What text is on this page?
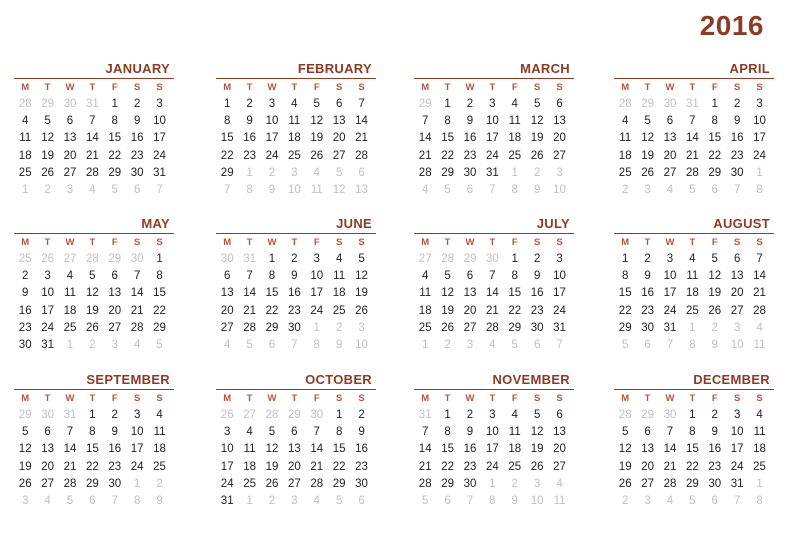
2016
JANUARY
M	T	W	T	F	S	S
28 29 30 31	1	2	3
4	5	6	7	8	9	10
11 12 13 14 15 16 17
18 19 20 21 22 23 24
25 26 27 28 29 30 31
1	2	3	4	5	6	7
FEBRUARY
M	T	W	T	F	S	S
1	2	3	4	5	6	7
8	9	10 11 12 13 14
15 16 17 18 19 20 21
22 23 24 25 26 27 28
29	1	2	3	4	5	6
7	8	9	10 11 12 13
MARCH
M	T	W	T	F	S	S
29	1	2	3	4	5	6
7	8	9	10 11 12 13
14 15 16 17 18 19 20
21 22 23 24 25 26 27
28 29 30 31	1	2	3
4	5	6	7	8	9	10
APRIL
M	T	W	T	F	S	S
28 29 30 31	1	2	3
4	5	6	7	8	9	10
11 12 13 14 15 16 17
18 19 20 21 22 23 24
25 26 27 28 29 30	1
2	3	4	5	6	7	8
MAY
M	T	W	T	F	S	S
25 26 27 28 29 30	1
2	3	4	5	6	7	8
9	10 11 12 13 14 15
16 17 18 19 20 21 22
23 24 25 26 27 28 29
30 31	1	2	3	4	5
JUNE
M	T	W	T	F	S	S
30 31	1	2	3	4	5
6	7	8	9	10 11 12
13 14 15 16 17 18 19
20 21 22 23 24 25 26
27 28 29 30	1	2	3
4	5	6	7	8	9	10
JULY
M	T	W	T	F	S	S
27 28 29 30	1	2	3
4	5	6	7	8	9	10
11 12 13 14 15 16 17
18 19 20 21 22 23 24
25 26 27 28 29 30 31
1	2	3	4	5	6	7
AUGUST
M	T	W	T	F	S	S
1	2	3	4	5	6	7
8	9	10 11 12 13 14
15 16 17 18 19 20 21
22 23 24 25 26 27 28
29 30 31	1	2	3	4
5	6	7	8	9	10 11
SEPTEMBER
M	T	W	T	F	S	S
29 30 31	1	2	3	4
5	6	7	8	9	10 11
12 13 14 15 16 17 18
19 20 21 22 23 24 25
26 27 28 29 30	1	2
3	4	5	6	7	8	9
OCTOBER
M	T	W	T	F	S	S
26 27 28 29 30	1	2
3	4	5	6	7	8	9
10 11 12 13 14 15 16
17 18 19 20 21 22 23
24 25 26 27 28 29 30
31	1	2	3	4	5	6
NOVEMBER
M	T	W	T	F	S	S
31	1	2	3	4	5	6
7	8	9	10 11 12 13
14 15 16 17 18 19 20
21 22 23 24 25 26 27
28 29 30	1	2	3	4
5	6	7	8	9	10 11
DECEMBER
M	T	W	T	F	S	S
28 29 30	1	2	3	4
5	6	7	8	9	10 11
12 13 14 15 16 17 18
19 20 21 22 23 24 25
26 27 28 29 30 31	1
2	3	4	5	6	7	8
